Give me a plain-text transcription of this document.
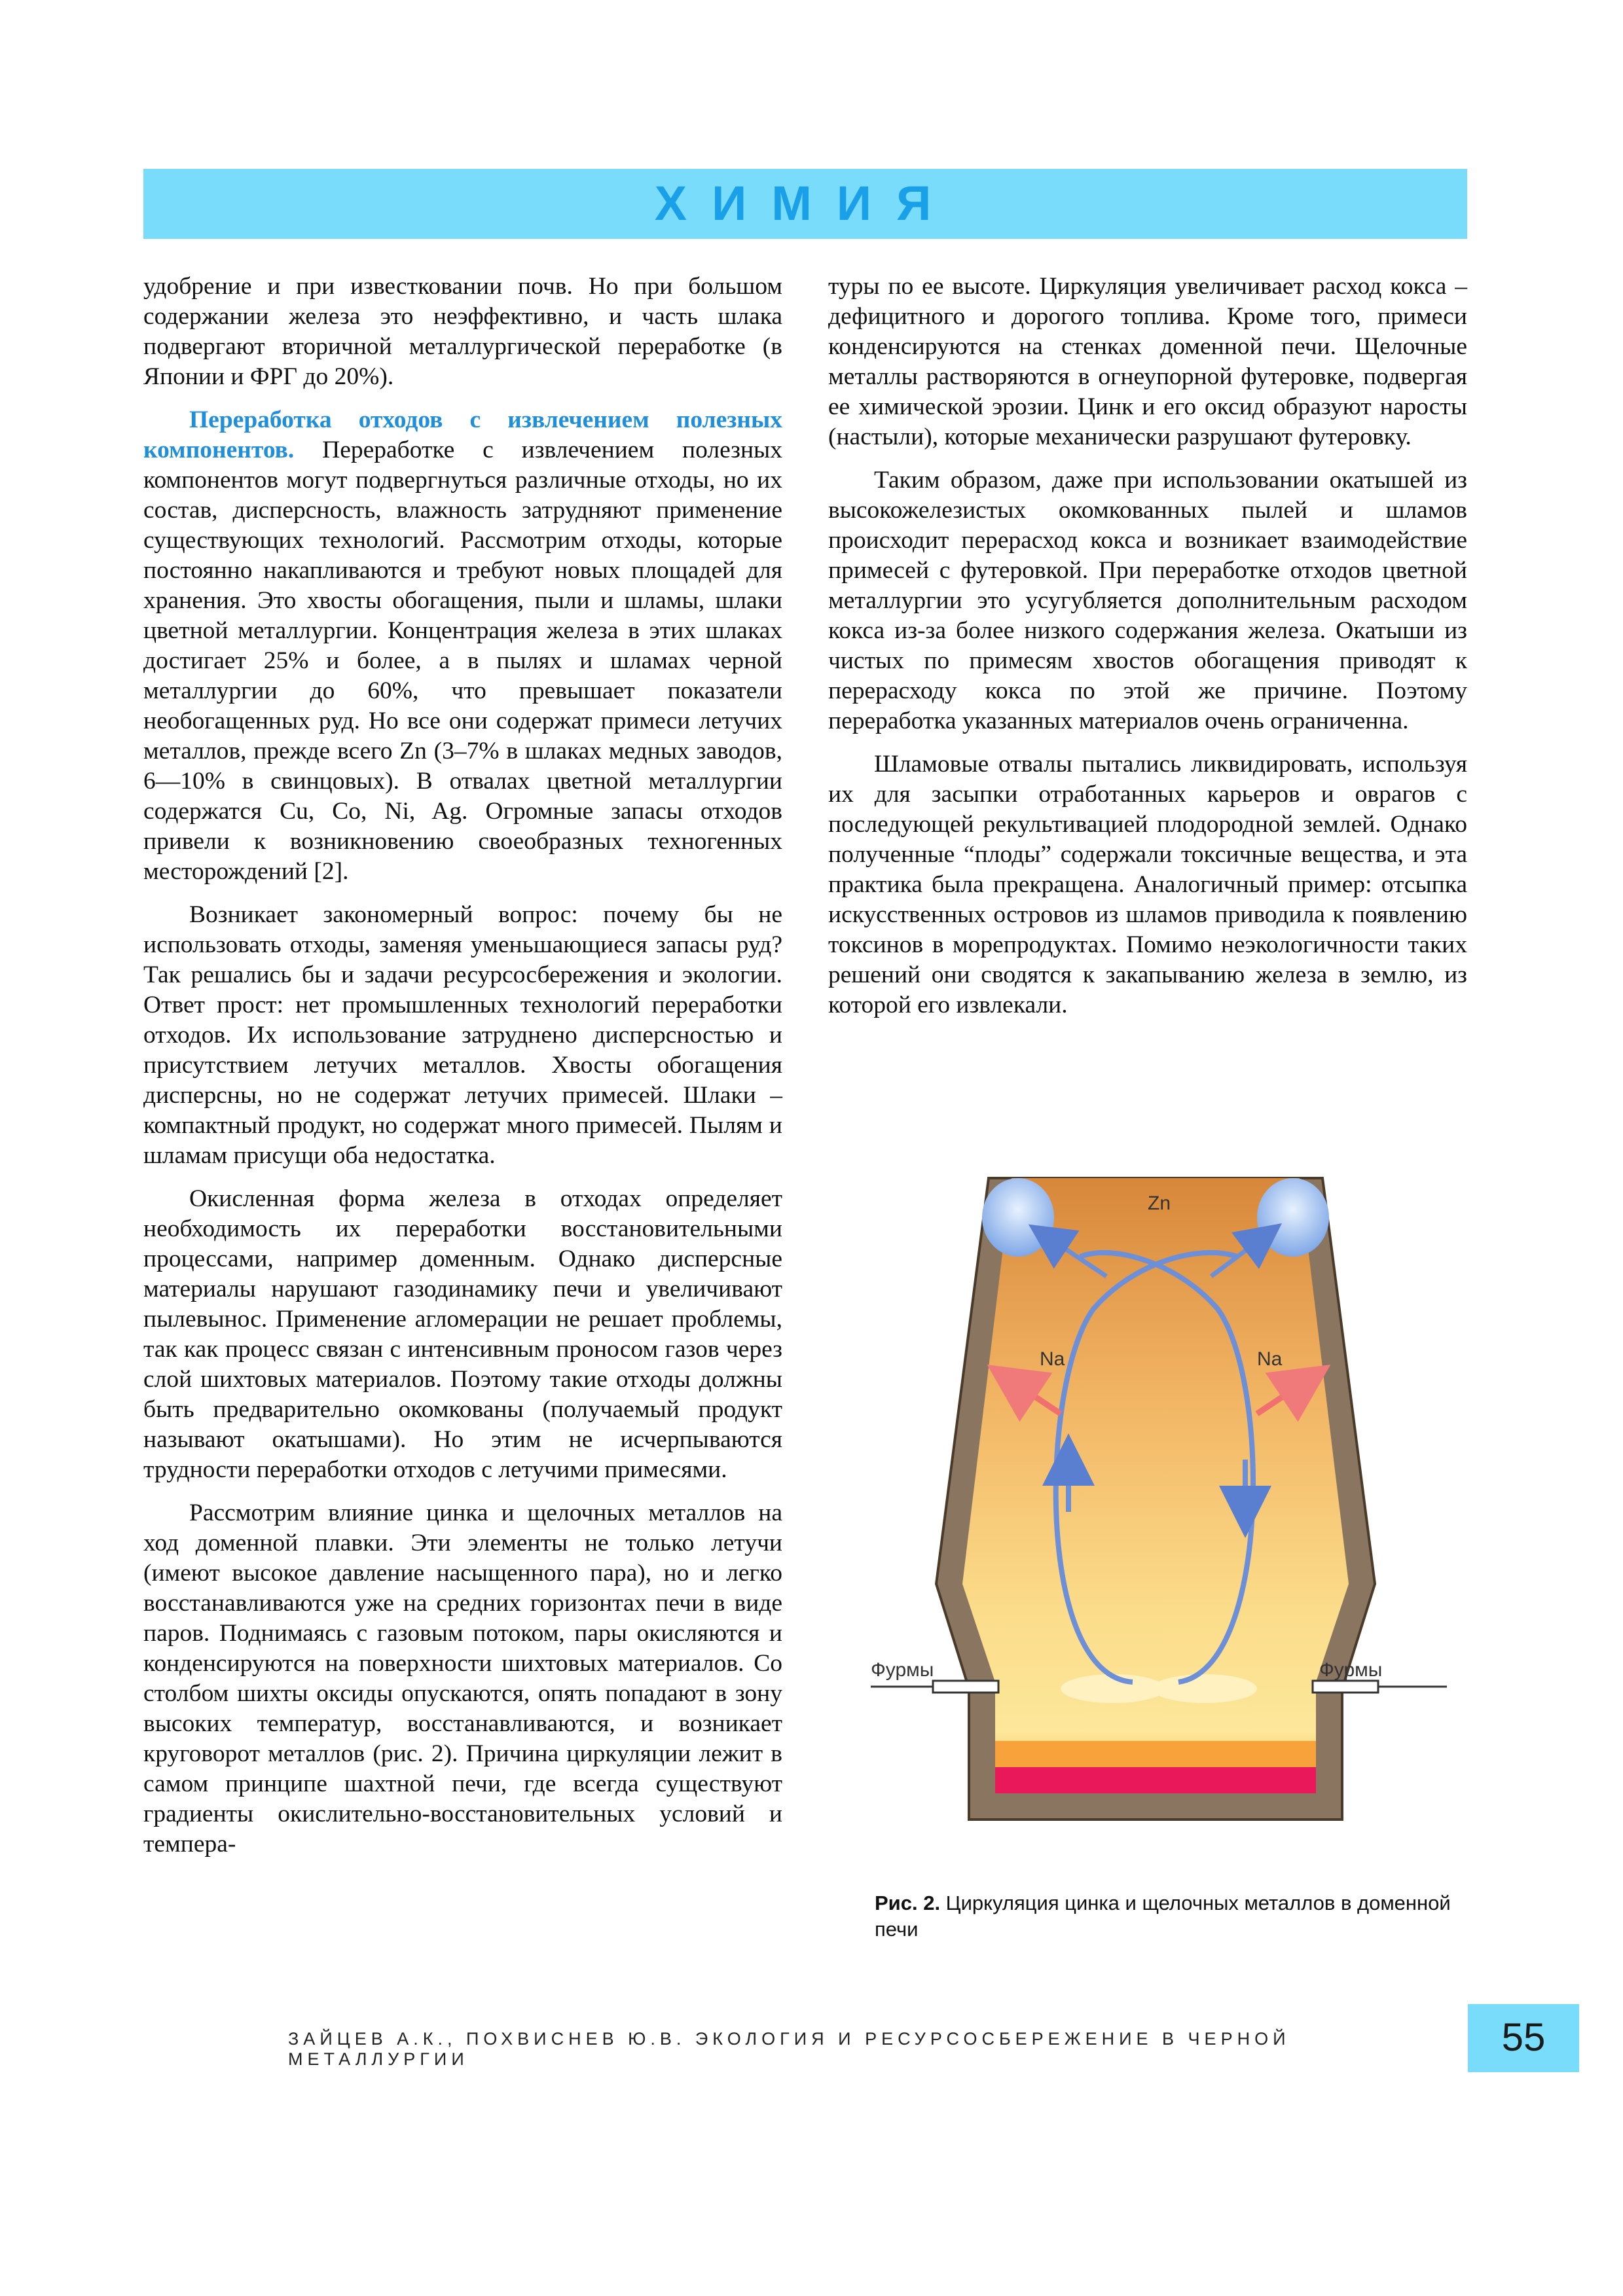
ХИМИЯ

удобрение и при известковании почв. Но при большом содержании железа это неэффективно, и часть шлака подвергают вторичной металлургической переработке (в Японии и ФРГ до 20%).

Переработка отходов с извлечением полезных компонентов. Переработке с извлечением полезных компонентов могут подвергнуться различные отходы, но их состав, дисперсность, влажность затрудняют применение существующих технологий. Рассмотрим отходы, которые постоянно накапливаются и требуют новых площадей для хранения. Это хвосты обогащения, пыли и шламы, шлаки цветной металлургии. Концентрация железа в этих шлаках достигает 25% и более, а в пылях и шламах черной металлургии до 60%, что превышает показатели необогащенных руд. Но все они содержат примеси летучих металлов, прежде всего Zn (3–7% в шлаках медных заводов, 6—10% в свинцовых). В отвалах цветной металлургии содержатся Cu, Co, Ni, Ag. Огромные запасы отходов привели к возникновению своеобразных техногенных месторождений [2].

Возникает закономерный вопрос: почему бы не использовать отходы, заменяя уменьшающиеся запасы руд? Так решались бы и задачи ресурсосбережения и экологии. Ответ прост: нет промышленных технологий переработки отходов. Их использование затруднено дисперсностью и присутствием летучих металлов. Хвосты обогащения дисперсны, но не содержат летучих примесей. Шлаки – компактный продукт, но содержат много примесей. Пылям и шламам присущи оба недостатка.

Окисленная форма железа в отходах определяет необходимость их переработки восстановительными процессами, например доменным. Однако дисперсные материалы нарушают газодинамику печи и увеличивают пылевынос. Применение агломерации не решает проблемы, так как процесс связан с интенсивным проносом газов через слой шихтовых материалов. Поэтому такие отходы должны быть предварительно окомкованы (получаемый продукт называют окатышами). Но этим не исчерпываются трудности переработки отходов с летучими примесями.

Рассмотрим влияние цинка и щелочных металлов на ход доменной плавки. Эти элементы не только летучи (имеют высокое давление насыщенного пара), но и легко восстанавливаются уже на средних горизонтах печи в виде паров. Поднимаясь с газовым потоком, пары окисляются и конденсируются на поверхности шихтовых материалов. Со столбом шихты оксиды опускаются, опять попадают в зону высоких температур, восстанавливаются, и возникает круговорот металлов (рис. 2). Причина циркуляции лежит в самом принципе шахтной печи, где всегда существуют градиенты окислительно-восстановительных условий и темпера-

туры по ее высоте. Циркуляция увеличивает расход кокса – дефицитного и дорогого топлива. Кроме того, примеси конденсируются на стенках доменной печи. Щелочные металлы растворяются в огнеупорной футеровке, подвергая ее химической эрозии. Цинк и его оксид образуют наросты (настыли), которые механически разрушают футеровку.

Таким образом, даже при использовании окатышей из высокожелезистых окомкованных пылей и шламов происходит перерасход кокса и возникает взаимодействие примесей с футеровкой. При переработке отходов цветной металлургии это усугубляется дополнительным расходом кокса из-за более низкого содержания железа. Окатыши из чистых по примесям хвостов обогащения приводят к перерасходу кокса по этой же причине. Поэтому переработка указанных материалов очень ограниченна.

Шламовые отвалы пытались ликвидировать, используя их для засыпки отработанных карьеров и оврагов с последующей рекультивацией плодородной землей. Однако полученные “плоды” содержали токсичные вещества, и эта практика была прекращена. Аналогичный пример: отсыпка искусственных островов из шламов приводила к появлению токсинов в морепродуктах. Помимо неэкологичности таких решений они сводятся к закапыванию железа в землю, из которой его извлекали.

Zn
Na	Na
Фурмы	Фурмы
Рис. 2. Циркуляция цинка и щелочных металлов в доменной печи
ЗАЙЦЕВ А.К., ПОХВИСНЕВ Ю.В. ЭКОЛОГИЯ И РЕСУРСОСБЕРЕЖЕНИЕ В ЧЕРНОЙ МЕТАЛЛУРГИИ	55
